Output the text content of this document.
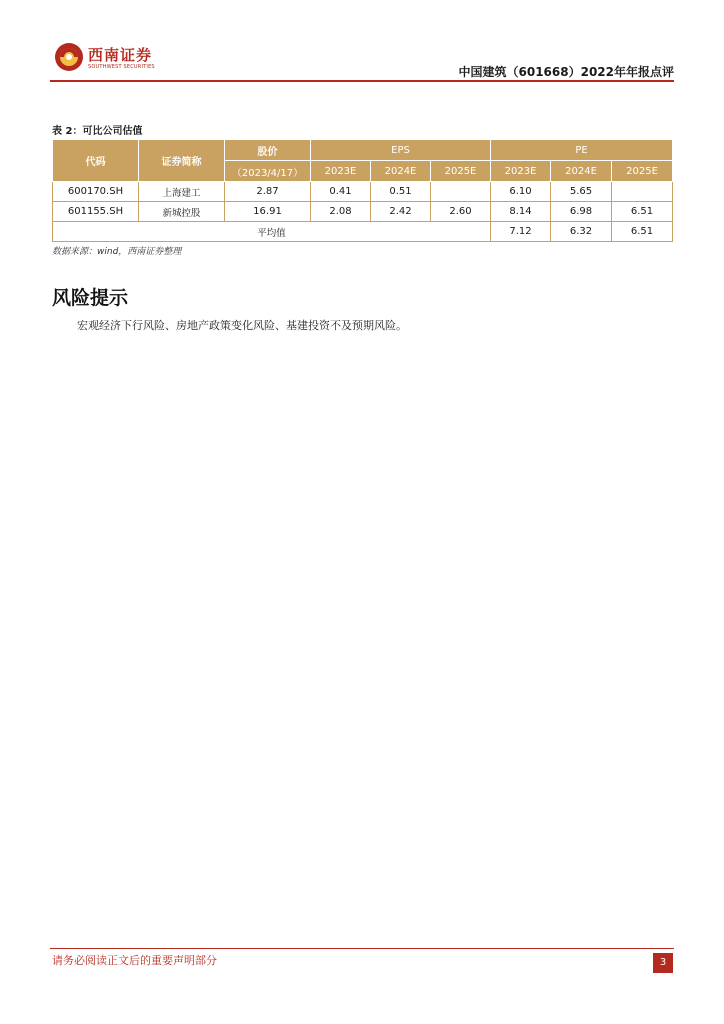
西南证券
SOUTHWEST SECURITIES	中国建筑（601668）2022年年报点评
表 2：可比公司估值
代码	证券简称	股价	EPS			PE		
		（2023/4/17）	2023E	2024E	2025E	2023E	2024E	2025E
600170.SH	上海建工	2.87	0.41	0.51		6.10	5.65	
601155.SH	新城控股	16.91	2.08	2.42	2.60	8.14	6.98	6.51
平均值						7.12	6.32	6.51
数据来源：wind，西南证券整理
风险提示
宏观经济下行风险、房地产政策变化风险、基建投资不及预期风险。
请务必阅读正文后的重要声明部分	3
